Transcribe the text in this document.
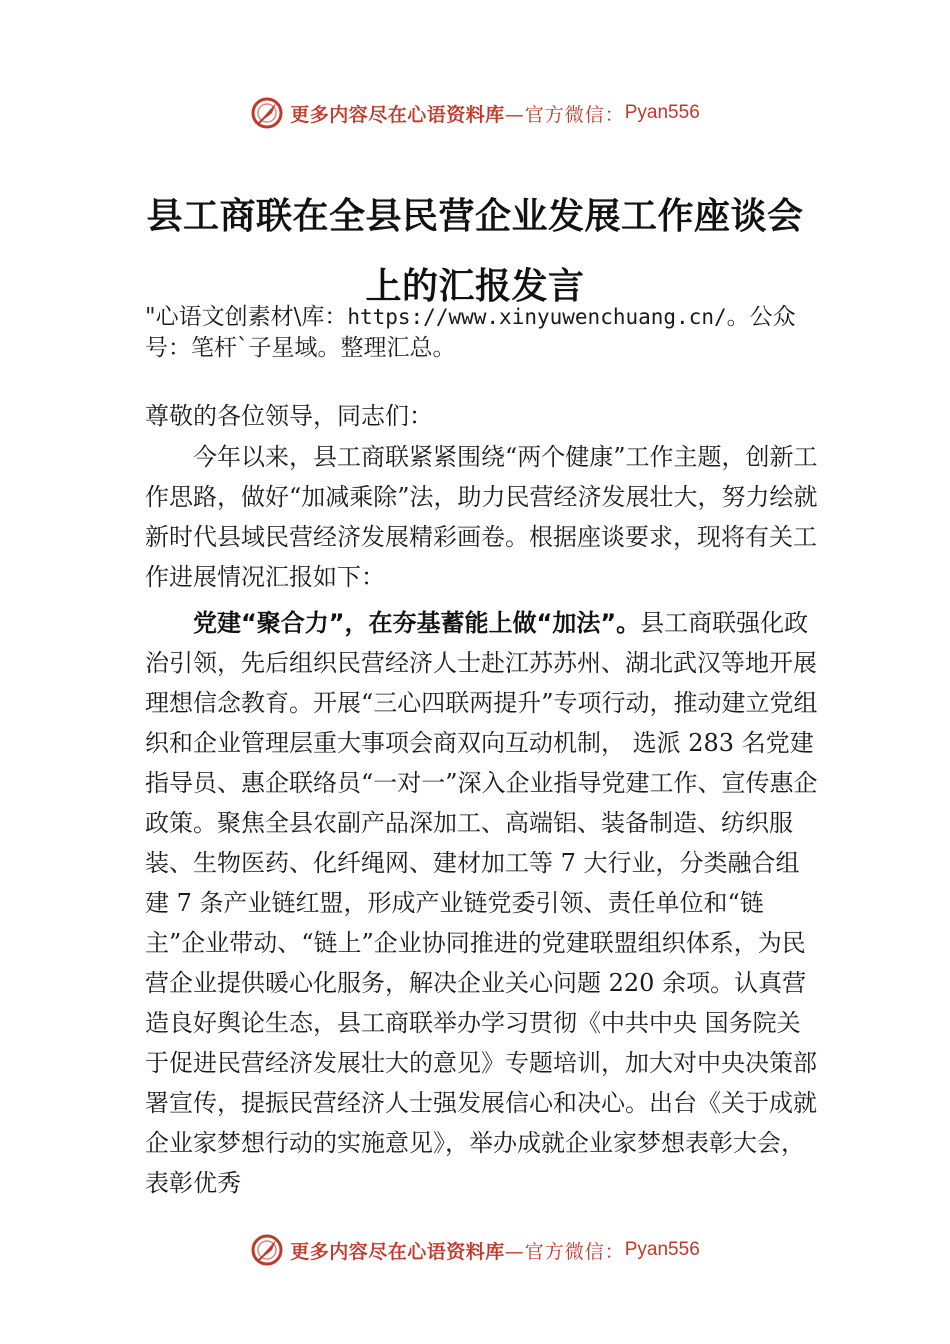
更多内容尽在心语资料库 —官方微信： Pyan556
县工商联在全县民营企业发展工作座谈会
上的汇报发言
"心语文创素材\库：https://www.xinyuwenchuang.cn/。公众号：笔杆`子星域。整理汇总。
尊敬的各位领导，同志们：
今年以来，县工商联紧紧围绕“两个健康”工作主题，创新工作思路，做好“加减乘除”法，助力民营经济发展壮大，努力绘就新时代县域民营经济发展精彩画卷。根据座谈要求，现将有关工作进展情况汇报如下：
党建“聚合力”，在夯基蓄能上做“加法”。县工商联强化政治引领，先后组织民营经济人士赴江苏苏州、湖北武汉等地开展理想信念教育。开展“三心四联两提升”专项行动，推动建立党组织和企业管理层重大事项会商双向互动机制， 选派 283 名党建指导员、惠企联络员“一对一”深入企业指导党建工作、宣传惠企政策。聚焦全县农副产品深加工、高端铝、装备制造、纺织服装、生物医药、化纤绳网、建材加工等 7 大行业，分类融合组建 7 条产业链红盟，形成产业链党委引领、责任单位和“链主”企业带动、“链上”企业协同推进的党建联盟组织体系，为民营企业提供暖心化服务，解决企业关心问题 220 余项。认真营造良好舆论生态，县工商联举办学习贯彻《中共中央 国务院关于促进民营经济发展壮大的意见》专题培训，加大对中央决策部署宣传，提振民营经济人士强发展信心和决心。出台《关于成就企业家梦想行动的实施意见》，举办成就企业家梦想表彰大会，表彰优秀
更多内容尽在心语资料库 —官方微信： Pyan556
